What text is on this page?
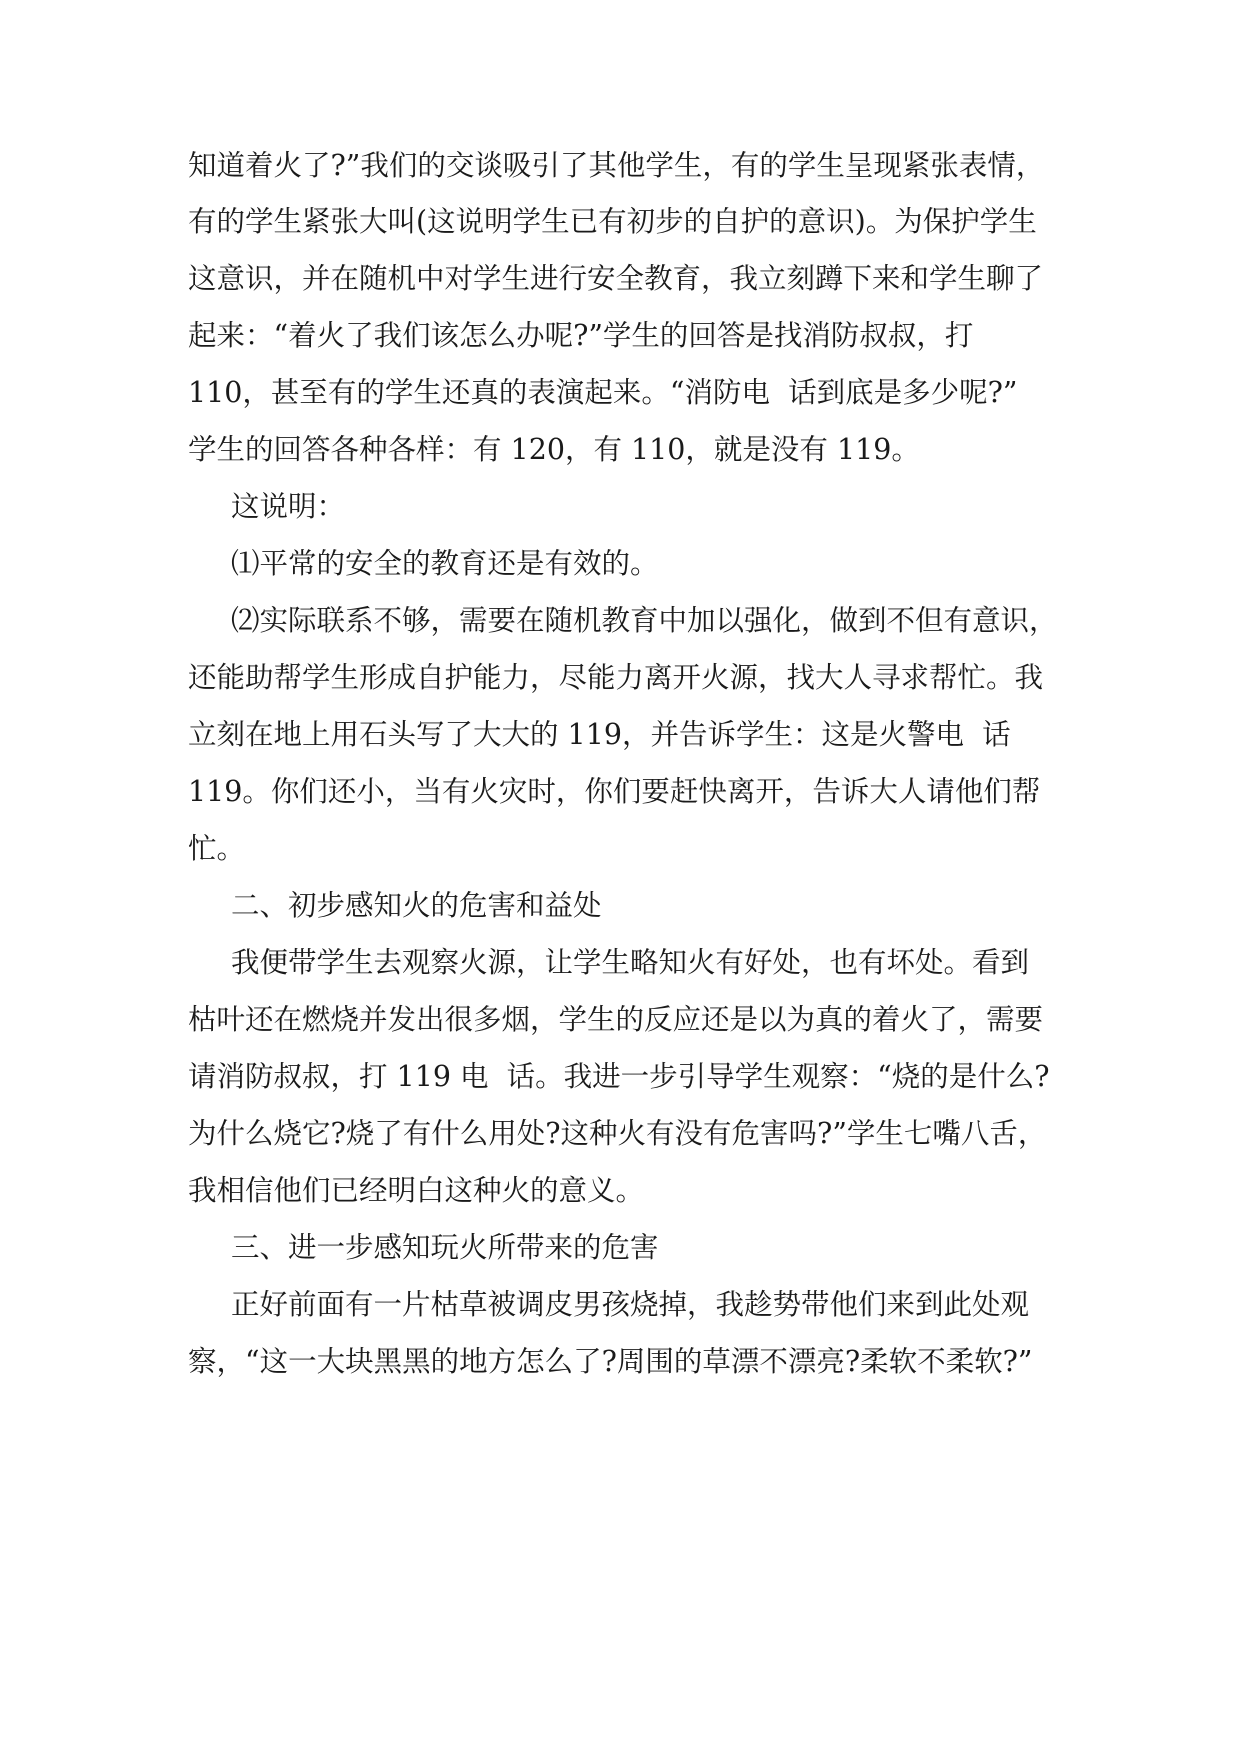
知道着火了?”我们的交谈吸引了其他学生，有的学生呈现紧张表情，
有的学生紧张大叫(这说明学生已有初步的自护的意识)。为保护学生
这意识，并在随机中对学生进行安全教育，我立刻蹲下来和学生聊了
起来：“着火了我们该怎么办呢?”学生的回答是找消防叔叔，打
110，甚至有的学生还真的表演起来。“消防电  话到底是多少呢?”
学生的回答各种各样：有 120，有 110，就是没有 119。
这说明：
⑴平常的安全的教育还是有效的。
⑵实际联系不够，需要在随机教育中加以强化，做到不但有意识，
还能助帮学生形成自护能力，尽能力离开火源，找大人寻求帮忙。我
立刻在地上用石头写了大大的 119，并告诉学生：这是火警电  话
119。你们还小，当有火灾时，你们要赶快离开，告诉大人请他们帮
忙。
二、初步感知火的危害和益处
我便带学生去观察火源，让学生略知火有好处，也有坏处。看到
枯叶还在燃烧并发出很多烟，学生的反应还是以为真的着火了，需要
请消防叔叔，打 119 电  话。我进一步引导学生观察：“烧的是什么?
为什么烧它?烧了有什么用处?这种火有没有危害吗?”学生七嘴八舌，
我相信他们已经明白这种火的意义。
三、进一步感知玩火所带来的危害
正好前面有一片枯草被调皮男孩烧掉，我趁势带他们来到此处观
察，“这一大块黑黑的地方怎么了?周围的草漂不漂亮?柔软不柔软?”
